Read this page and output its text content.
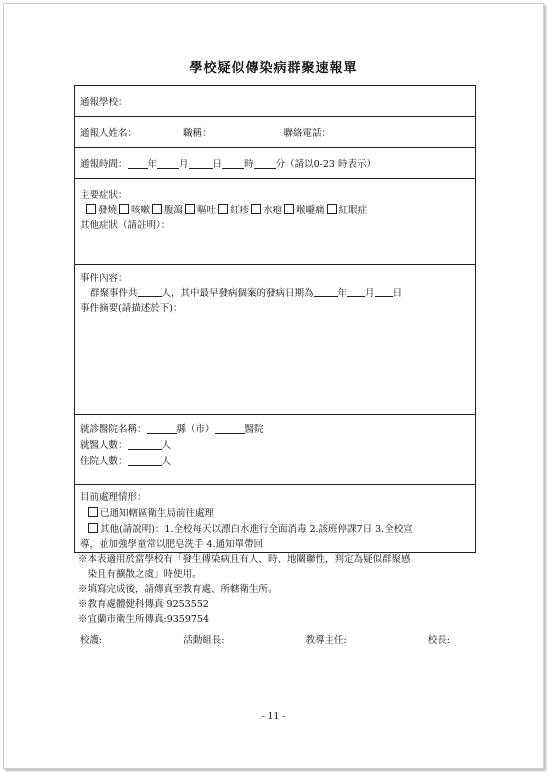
學校疑似傳染病群聚速報單
通報學校：

通報人姓名：	職稱：	聯絡電話：

通報時間： 年 月	日 時 分（請以0-23 時表示）

主要症狀：
發燒 咳嗽 腹瀉 嘔吐 紅疹 水疱 喉嚨痛 紅眼症
其他症狀（請註明）：

事件內容：
群聚事件共	人，其中最早發病個案的發病日期為	年 月 日
事件摘要(請描述於下)：

就診醫院名稱：	縣（市）	醫院
就醫人數：	人
住院人數：	人

目前處理情形：
已通知轄區衛生局前往處理
其他(請說明)：1.全校每天以漂白水進行全面消毒 2.該班停課7日 3.全校宣
導，並加強學童常以肥皂洗手 4.通知單帶回
※本表適用於當學校有「發生傳染病且有人、時、地關聯性，判定為疑似群聚感
　染且有擴散之虞」時使用。
※填寫完成後，請傳真至教育處、所轄衛生所。
※教育處體健科傳真 9253552
※宜蘭市衛生所傳真:9359754
校護:	活動組長:	教導主任:	校長:
- 11 -
